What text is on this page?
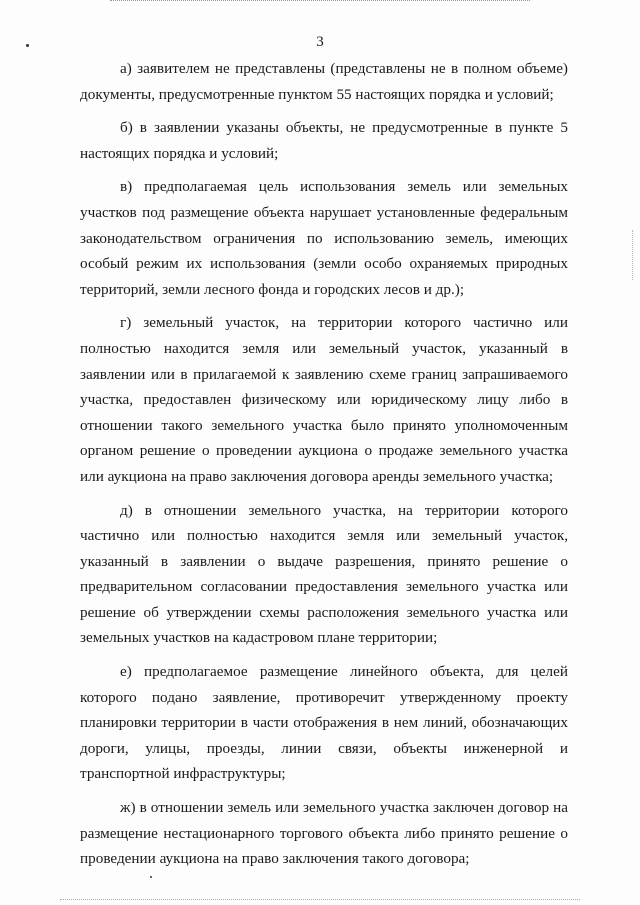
3

а) заявителем не представлены (представлены не в полном объеме) документы, предусмотренные пунктом 55 настоящих порядка и условий;

б) в заявлении указаны объекты, не предусмотренные в пункте 5 настоящих порядка и условий;

в) предполагаемая цель использования земель или земельных участков под размещение объекта нарушает установленные федеральным законодательством ограничения по использованию земель, имеющих особый режим их использования (земли особо охраняемых природных территорий, земли лесного фонда и городских лесов и др.);

г) земельный участок, на территории которого частично или полностью находится земля или земельный участок, указанный в заявлении или в прилагаемой к заявлению схеме границ запрашиваемого участка, предоставлен физическому или юридическому лицу либо в отношении такого земельного участка было принято уполномоченным органом решение о проведении аукциона о продаже земельного участка или аукциона на право заключения договора аренды земельного участка;

д) в отношении земельного участка, на территории которого частично или полностью находится земля или земельный участок, указанный в заявлении о выдаче разрешения, принято решение о предварительном согласовании предоставления земельного участка или решение об утверждении схемы расположения земельного участка или земельных участков на кадастровом плане территории;

е) предполагаемое размещение линейного объекта, для целей которого подано заявление, противоречит утвержденному проекту планировки территории в части отображения в нем линий, обозначающих дороги, улицы, проезды, линии связи, объекты инженерной и транспортной инфраструктуры;

ж) в отношении земель или земельного участка заключен договор на размещение нестационарного торгового объекта либо принято решение о проведении аукциона на право заключения такого договора;
